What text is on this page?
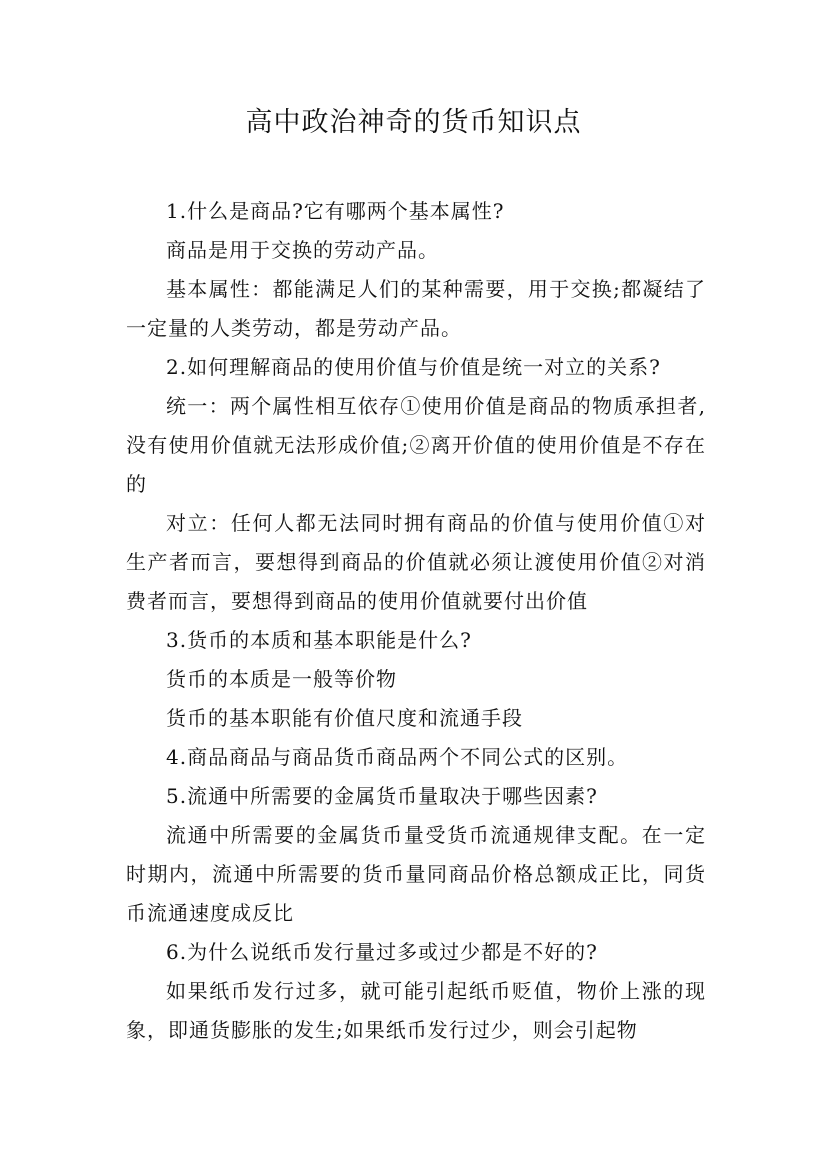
高中政治神奇的货币知识点

1.什么是商品?它有哪两个基本属性?

商品是用于交换的劳动产品。

基本属性：都能满足人们的某种需要，用于交换;都凝结了一定量的人类劳动，都是劳动产品。

2.如何理解商品的使用价值与价值是统一对立的关系?

统一：两个属性相互依存①使用价值是商品的物质承担者,没有使用价值就无法形成价值;②离开价值的使用价值是不存在的

对立：任何人都无法同时拥有商品的价值与使用价值①对生产者而言，要想得到商品的价值就必须让渡使用价值②对消费者而言，要想得到商品的使用价值就要付出价值

3.货币的本质和基本职能是什么?

货币的本质是一般等价物

货币的基本职能有价值尺度和流通手段

4.商品商品与商品货币商品两个不同公式的区别。

5.流通中所需要的金属货币量取决于哪些因素?

流通中所需要的金属货币量受货币流通规律支配。在一定时期内，流通中所需要的货币量同商品价格总额成正比，同货币流通速度成反比

6.为什么说纸币发行量过多或过少都是不好的?

如果纸币发行过多，就可能引起纸币贬值，物价上涨的现象，即通货膨胀的发生;如果纸币发行过少，则会引起物
